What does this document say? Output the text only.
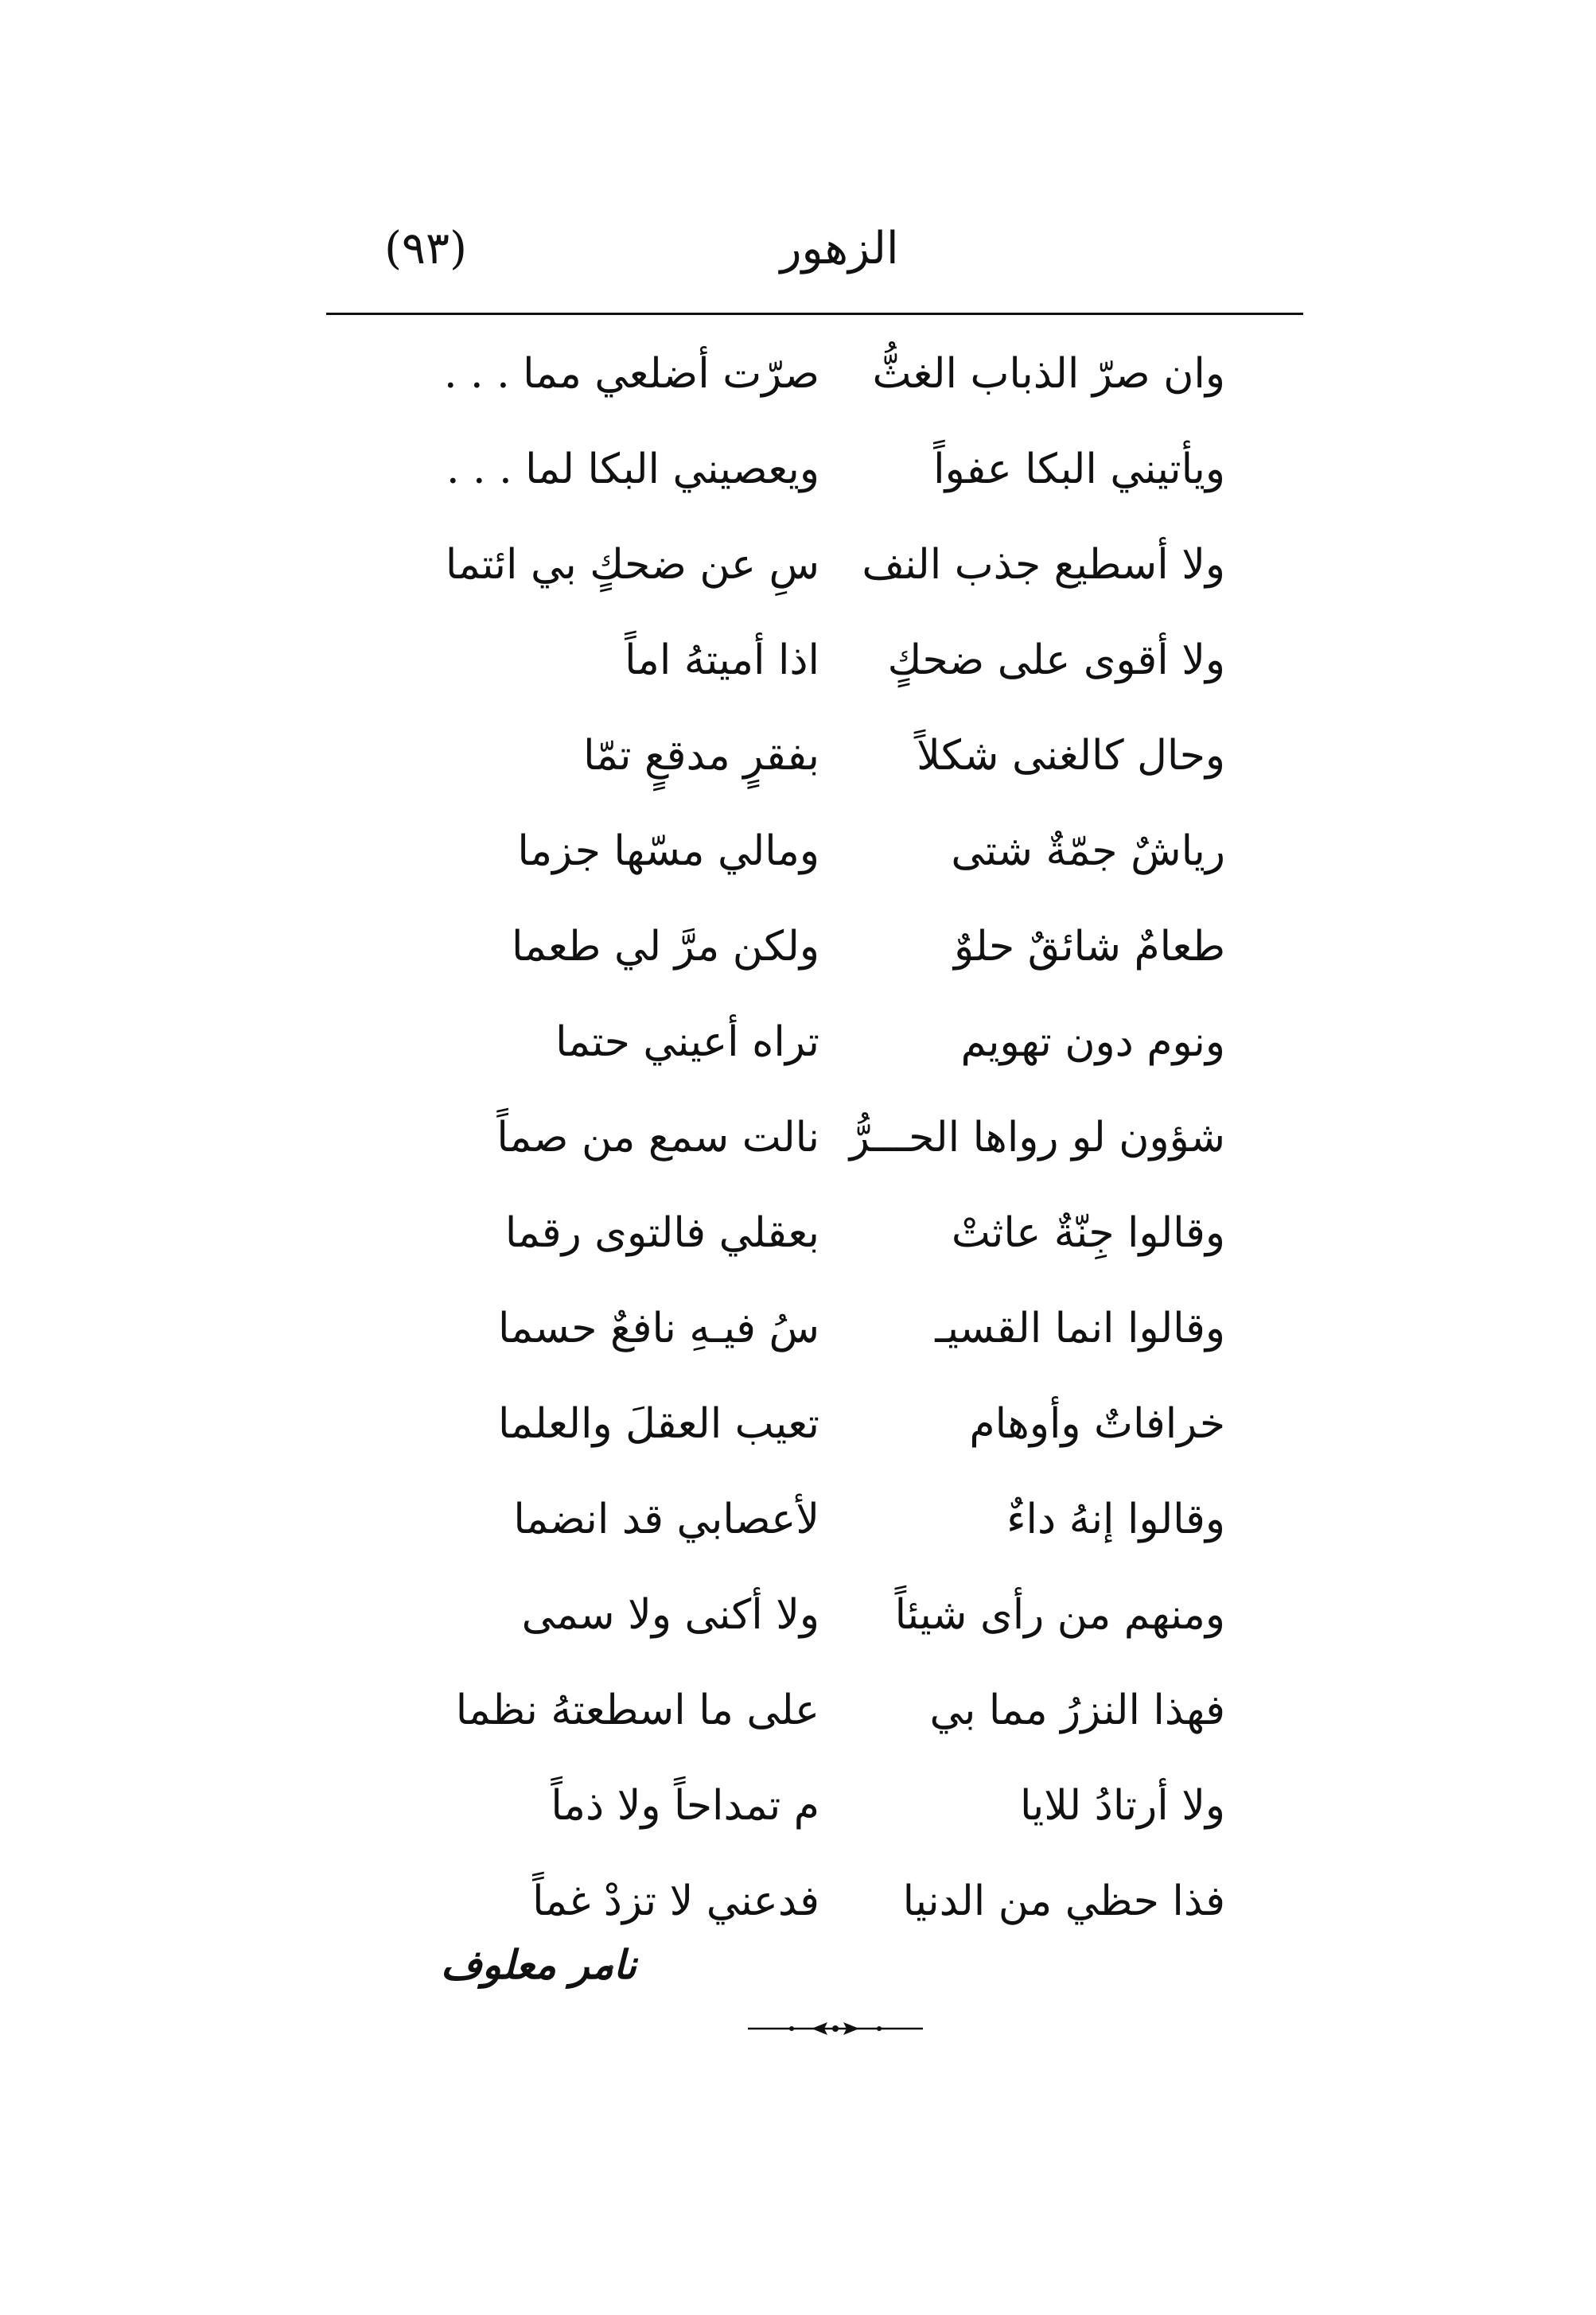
الزهور
(٩٣)
وان صرّ الذباب الغثُّ
صرّت أضلعي مما . . .
ويأتيني البكا عفواً
ويعصيني البكا لما . . .
ولا أسطيع جذب النف
سِ عن ضحكٍ بي ائتما
ولا أقوى على ضحكٍ
اذا أميتهُ اماً
وحال كالغنى شكلاً
بفقرٍ مدقعٍ تمّا
رياشٌ جمّةٌ شتى
ومالي مسّها جزما
طعامٌ شائقٌ حلوٌ
ولكن مرَّ لي طعما
ونوم دون تهويم
تراه أعيني حتما
شؤون لو رواها الحـــرُّ
نالت سمع من صماً
وقالوا جِنّةٌ عاثتْ
بعقلي فالتوى رقما
وقالوا انما القسيـ
سُ فيـهِ نافعٌ حسما
خرافاتٌ وأوهام
تعيب العقلَ والعلما
وقالوا إنهُ داءٌ
لأعصابي قد انضما
ومنهم من رأى شيئاً
ولا أكنى ولا سمى
فهذا النزرُ مما بي
على ما اسطعتهُ نظما
ولا أرتادُ للايا
م تمداحاً ولا ذماً
فذا حظي من الدنيا
فدعني لا تزدْ غماً
نامر معلوف
